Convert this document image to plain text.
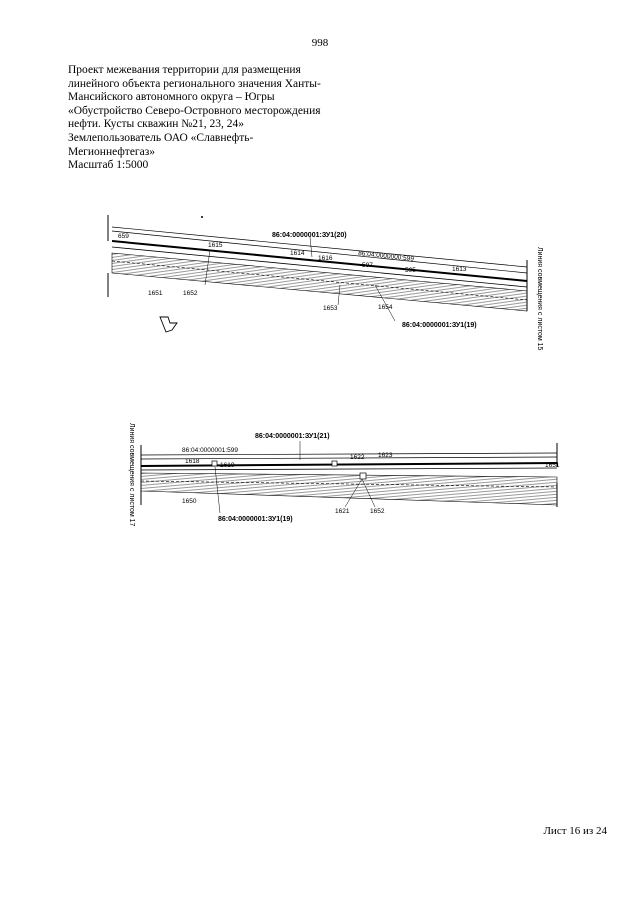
998
Проект межевания территории для размещения
линейного объекта регионального значения Ханты-
Мансийского автономного округа – Югры
«Обустройство Северо-Островного месторождения
нефти. Кусты скважин №21, 23, 24»
Землепользователь ОАО «Славнефть-
Мегионнефтегаз»
Масштаб 1:5000
86:04:0000001:ЗУ1(20)
86:04:0000001:ЗУ1(19)
86:04:0000000:599
659
1614
1615
1616
597
595	1613
1651	1652
1653	1654	Линия совмещения с листом 15
86:04:0000001:ЗУ1(21)
86:04:0000001:ЗУ1(19)
86:04:0000001:599
1618
1622
1619
1623
1651
1650
1621	1652
Линия совмещения с листом 17
Лист 16 из 24
